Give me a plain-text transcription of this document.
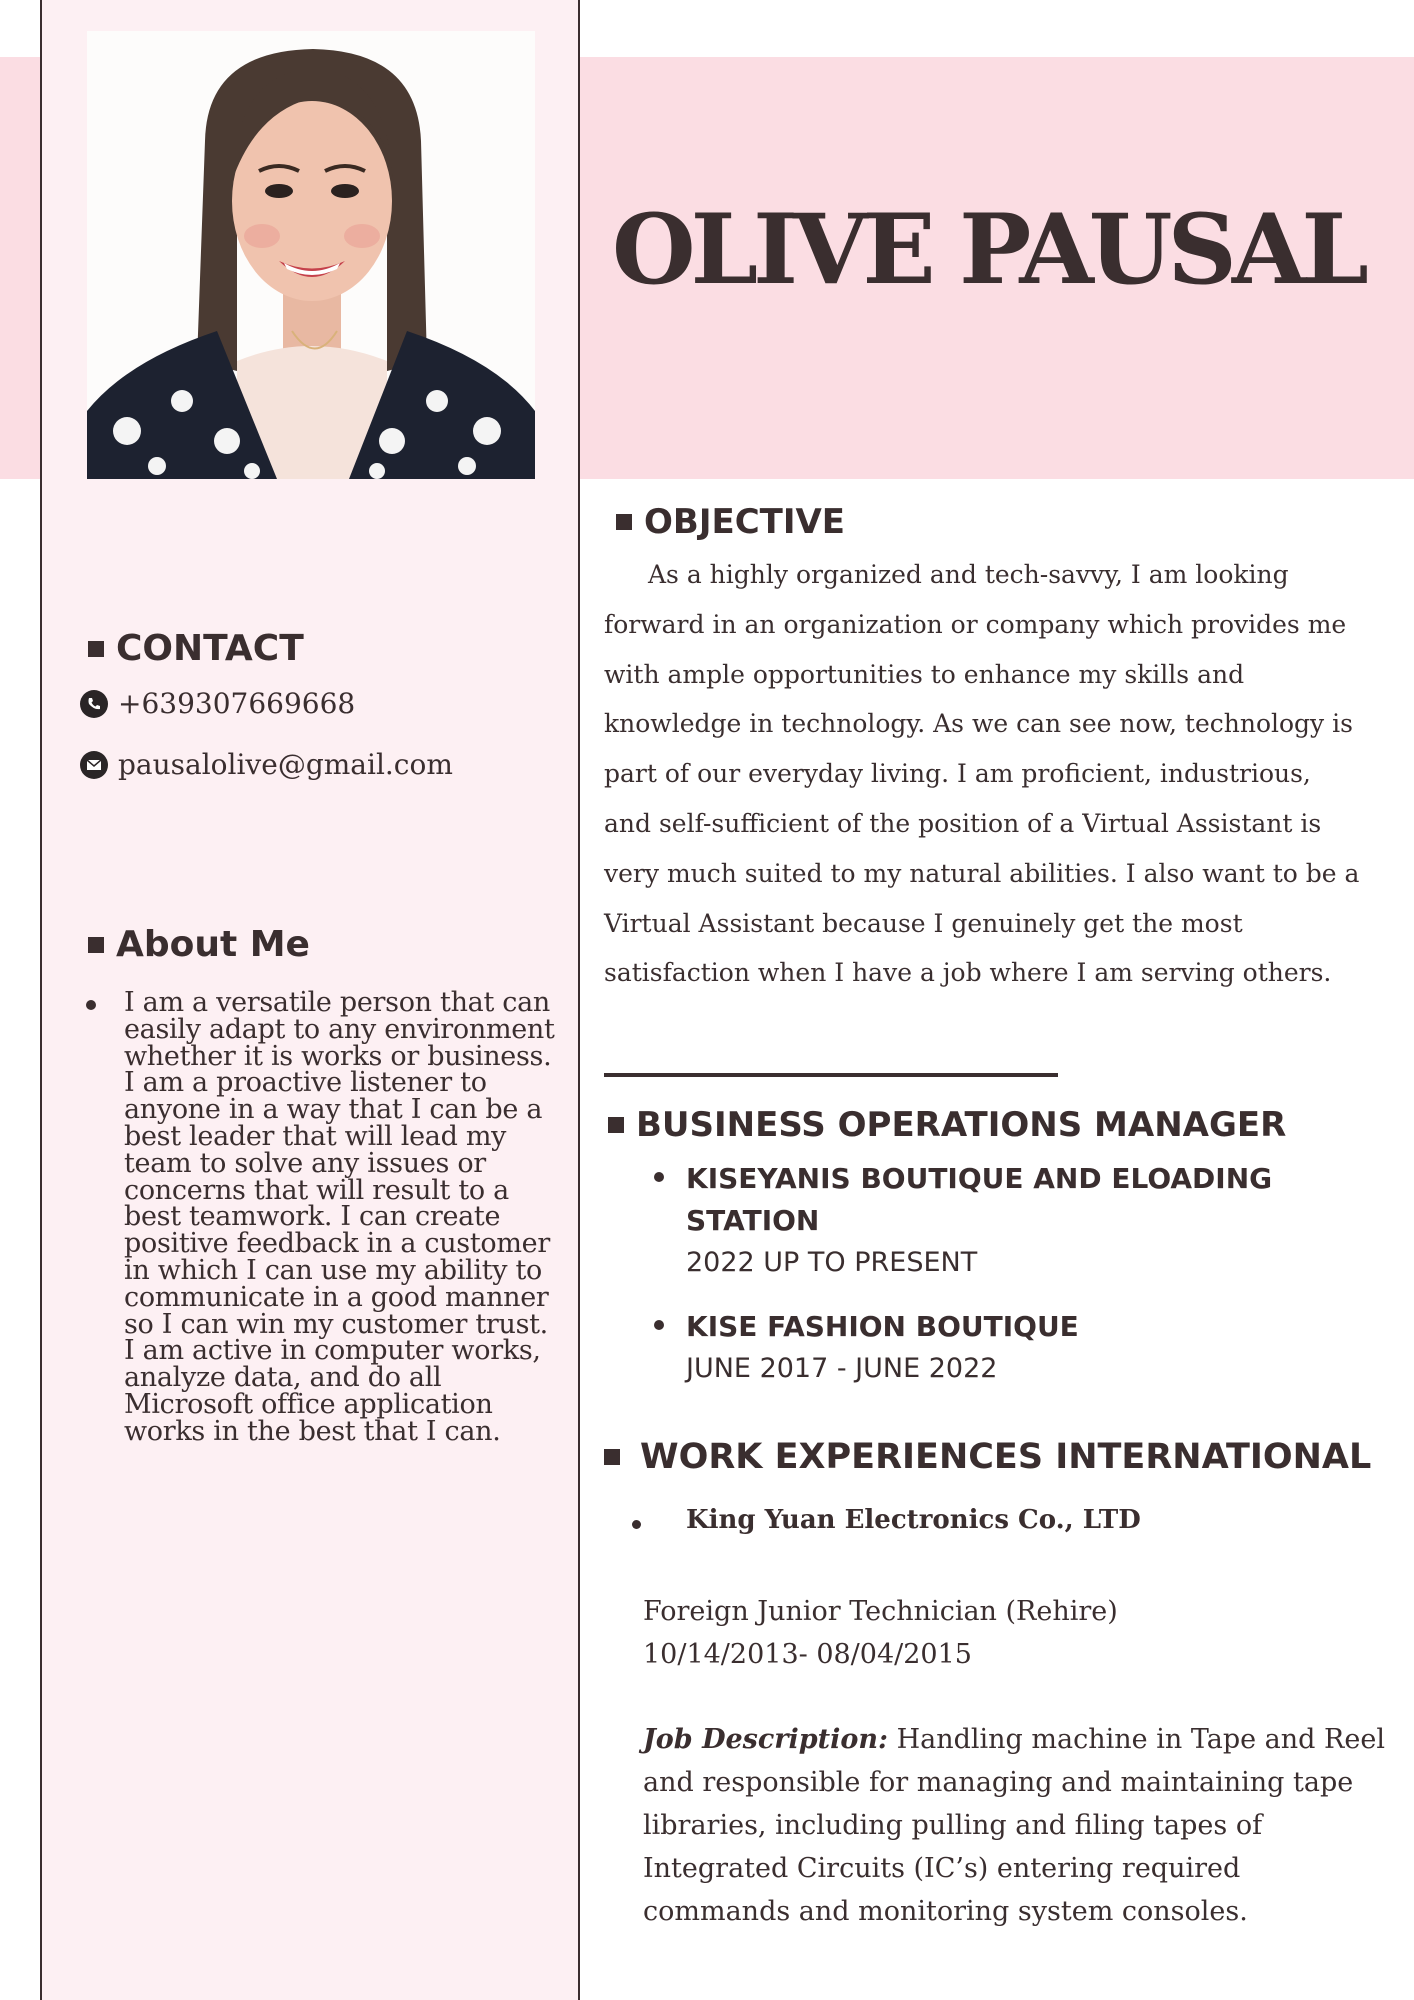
OLIVE PAUSAL
CONTACT
+639307669668
pausalolive@gmail.com
About Me
I am a versatile person that can easily adapt to any environment whether it is works or business. I am a proactive listener to anyone in a way that I can be a best leader that will lead my team to solve any issues or concerns that will result to a best teamwork. I can create positive feedback in a customer in which I can use my ability to communicate in a good manner so I can win my customer trust. I am active in computer works, analyze data, and do all Microsoft office application works in the best that I can.
OBJECTIVE

As a highly organized and tech-savvy, I am looking forward in an organization or company which provides me with ample opportunities to enhance my skills and knowledge in technology. As we can see now, technology is part of our everyday living. I am proficient, industrious, and self-sufficient of the position of a Virtual Assistant is very much suited to my natural abilities. I also want to be a Virtual Assistant because I genuinely get the most satisfaction when I have a job where I am serving others.

BUSINESS OPERATIONS MANAGER
KISEYANIS BOUTIQUE AND ELOADING STATION
2022 UP TO PRESENT
KISE FASHION BOUTIQUE
JUNE 2017 - JUNE 2022
WORK EXPERIENCES INTERNATIONAL
King Yuan Electronics Co., LTD
Foreign Junior Technician (Rehire)
10/14/2013- 08/04/2015
Job Description: Handling machine in Tape and Reel and responsible for managing and maintaining tape libraries, including pulling and filing tapes of Integrated Circuits (IC’s) entering required commands and monitoring system consoles.
